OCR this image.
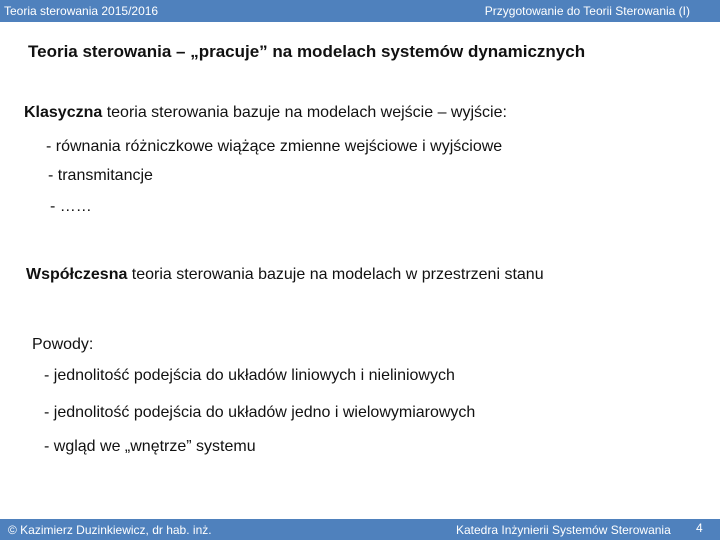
Teoria sterowania 2015/2016	Przygotowanie do Teorii Sterowania (I)
Teoria sterowania – „pracuje” na modelach systemów dynamicznych
Klasyczna teoria sterowania bazuje na modelach wejście – wyjście:
- równania różniczkowe wiążące zmienne wejściowe i wyjściowe
- transmitancje
- ……
Współczesna teoria sterowania bazuje na modelach w przestrzeni stanu
Powody:
- jednolitość podejścia do układów liniowych i nieliniowych
- jednolitość podejścia do układów jedno i wielowymiarowych
- wgląd we „wnętrze” systemu
© Kazimierz Duzinkiewicz, dr hab. inż.	Katedra Inżynierii Systemów Sterowania 4
